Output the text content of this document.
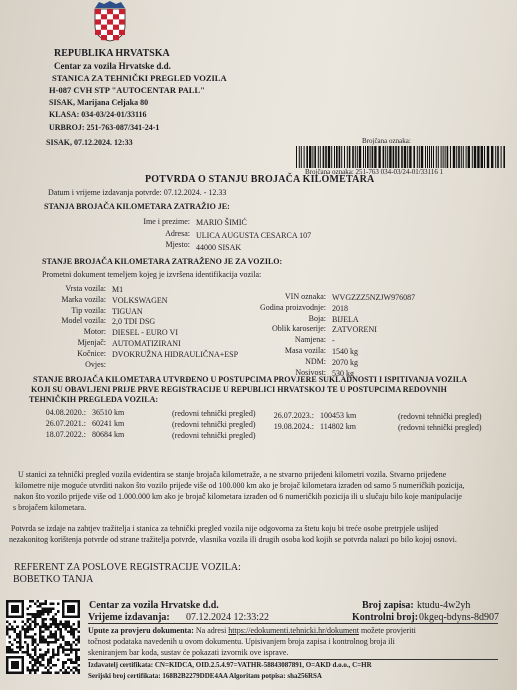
REPUBLIKA HRVATSKA
Centar za vozila Hrvatske d.d.
STANICA ZA TEHNIČKI PREGLED VOZILA
H-087 CVH STP "AUTOCENTAR PALL"
SISAK, Marijana Celjaka 80
KLASA: 034-03/24-01/33116
URBROJ: 251-763-087/341-24-1
SISAK, 07.12.2024. 12:33	Brojčana oznaka:
Brojčana oznaka: 251-763 034-03/24-01/33116 1
POTVRDA O STANJU BROJAČA KILOMETARA
Datum i vrijeme izdavanja potvrde: 07.12.2024. - 12.33
STANJA BROJAČA KILOMETARA ZATRAŽIO JE:
Ime i prezime: MARIO ŠIMIĆ
Adresa: ULICA AUGUSTA CESARCA 107
Mjesto: 44000 SISAK
STANJE BROJAČA KILOMETARA ZATRAŽENO JE ZA VOZILO:
Prometni dokument temeljem kojeg je izvršena identifikacija vozila:
Vrsta vozila: M1
Marka vozila: VOLKSWAGEN
Tip vozila: TIGUAN
Model vozila: 2,0 TDI DSG
Motor: DIESEL - EURO VI
Mjenjač: AUTOMATIZIRANI
Kočnice: DVOKRUŽNA HIDRAULIČNA+ESP
Ovjes:
VIN oznaka: WVGZZZ5NZJW976087
Godina proizvodnje: 2018
Boja: BIJELA
Oblik karoserije: ZATVORENI
Namjena: -
Masa vozila: 1540 kg
NDM: 2070 kg
Nosivost: 530 kg
STANJE BROJAČA KILOMETARA UTVRĐENO U POSTUPCIMA PROVJERE SUKLADNOSTI I ISPITIVANJA VOZILA
KOJI SU OBAVLJENI PRIJE PRVE REGISTRACIJE U REPUBLICI HRVATSKOJ TE U POSTUPCIMA REDOVNIH
TEHNIČKIH PREGLEDA VOZILA:
04.08.2020.: 36510 km	(redovni tehnički pregled)
26.07.2021.: 60241 km	(redovni tehnički pregled)
18.07.2022.: 80684 km	(redovni tehnički pregled)
26.07.2023.: 100453 km	(redovni tehnički pregled)
19.08.2024.: 114802 km	(redovni tehnički pregled)
U stanici za tehnički pregled vozila evidentira se stanje brojača kilometraže, a ne stvarno prijeđeni kilometri vozila. Stvarno prijeđene
kilometre nije moguće utvrditi nakon što vozilo prijeđe više od 100.000 km ako je brojač kilometara izrađen od samo 5 numeričkih pozicija,
nakon što vozilo prijeđe više od 1.000.000 km ako je brojač kilometara izrađen od 6 numeričkih pozicija ili u slučaju bilo koje manipulacije
s brojačem kilometara.
Potvrda se izdaje na zahtjev tražitelja i stanica za tehnički pregled vozila nije odgovorna za štetu koju bi treće osobe pretrpjele uslijed
nezakonitog korištenja potvrde od strane tražitelja potvrde, vlasnika vozila ili drugih osoba kod kojih se potvrda nalazi po bilo kojoj osnovi.
REFERENT ZA POSLOVE REGISTRACIJE VOZILA:
BOBETKO TANJA
Centar za vozila Hrvatske d.d.
Vrijeme izdavanja: 07.12.2024 12:33:22
Broj zapisa: ktudu-4w2yh
Kontrolni broj: 0kgeq-bdyns-8d907
Upute za provjeru dokumenta: Na adresi https://edokumenti.tehnicki.hr/dokument možete provjeriti
točnost podataka navedenih u ovom dokumentu. Upisivanjem broja zapisa i kontrolnog broja ili
skeniranjem bar koda, sustav će pokazati izvornik ove isprave.
Izdavatelj certifikata: CN=KIDCA, OID.2.5.4.97=VATHR-58843087891, O=AKD d.o.o., C=HR
Serijski broj certifikata: 168B2B2279DDE4AA Algoritam potpisa: sha256RSA
